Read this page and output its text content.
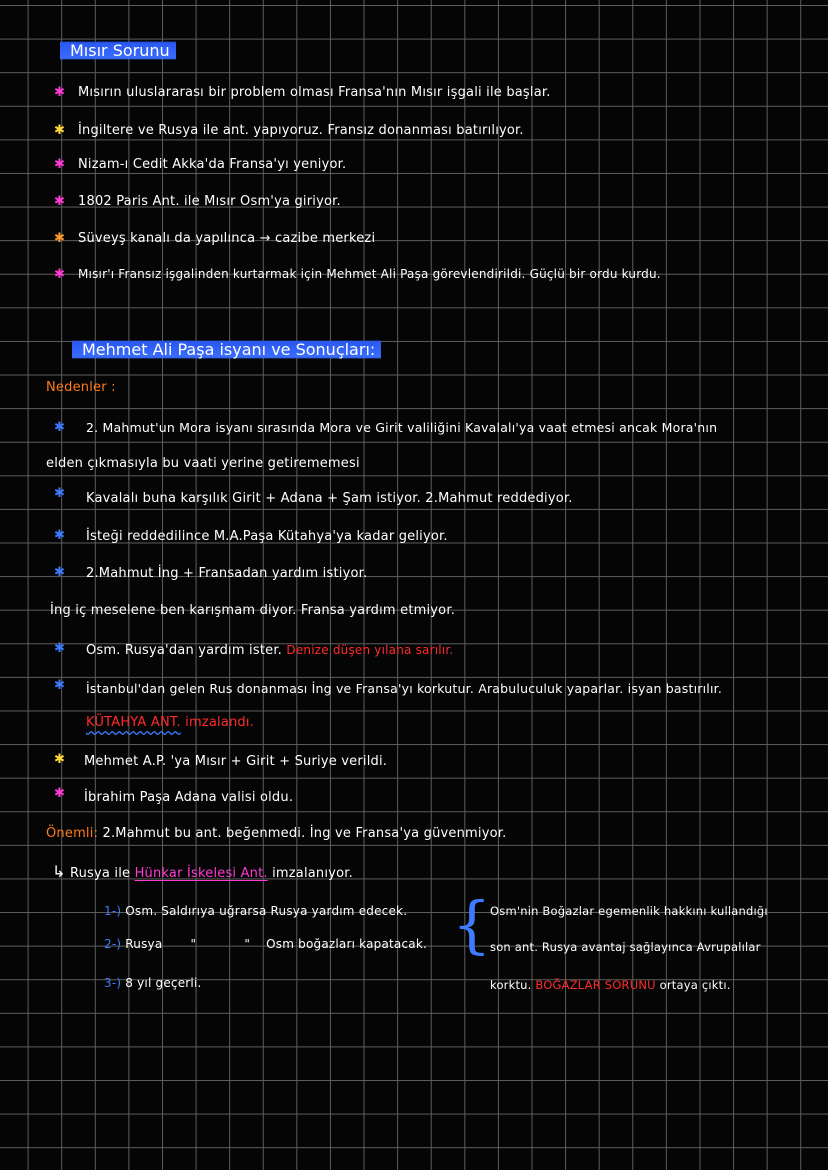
Mısır Sorunu
✱ Mısırın uluslararası bir problem olması Fransa'nın Mısır işgali ile başlar.
✱ İngiltere ve Rusya ile ant. yapıyoruz. Fransız donanması batırılıyor.
✱ Nizam-ı Cedit Akka'da Fransa'yı yeniyor.
✱ 1802 Paris Ant. ile Mısır Osm'ya giriyor.
✱ Süveyş kanalı da yapılınca → cazibe merkezi
✱ Mısır'ı Fransız işgalinden kurtarmak için Mehmet Ali Paşa görevlendirildi. Güçlü bir ordu kurdu.
Mehmet Ali Paşa isyanı ve Sonuçları:
Nedenler :
✱ 2. Mahmut'un Mora isyanı sırasında Mora ve Girit valiliğini Kavalalı'ya vaat etmesi ancak Mora'nın
elden çıkmasıyla bu vaati yerine getirememesi
✱ Kavalalı buna karşılık Girit + Adana + Şam istiyor. 2.Mahmut reddediyor.
✱ İsteği reddedilince M.A.Paşa Kütahya'ya kadar geliyor.
✱ 2.Mahmut İng + Fransadan yardım istiyor.
İng iç meselene ben karışmam diyor. Fransa yardım etmiyor.
✱ Osm. Rusya'dan yardım ister. Denize düşen yılana sarılır.
✱ İstanbul'dan gelen Rus donanması İng ve Fransa'yı korkutur. Arabuluculuk yaparlar. isyan bastırılır.
KÜTAHYA ANT. imzalandı.
✱ Mehmet A.P. 'ya Mısır + Girit + Suriye verildi.
✱ İbrahim Paşa Adana valisi oldu.
Önemli: 2.Mahmut bu ant. beğenmedi. İng ve Fransa'ya güvenmiyor.
↳ Rusya ile Hünkar İskelesi Ant. imzalanıyor.
1-) Osm. Saldırıya uğrarsa Rusya yardım edecek.
2-) Rusya       "            "    Osm boğazları kapatacak.
3-) 8 yıl geçerli.
{
Osm'nin Boğazlar egemenlik hakkını kullandığı
son ant. Rusya avantaj sağlayınca Avrupalılar
korktu. BOĞAZLAR SORUNU ortaya çıktı.
